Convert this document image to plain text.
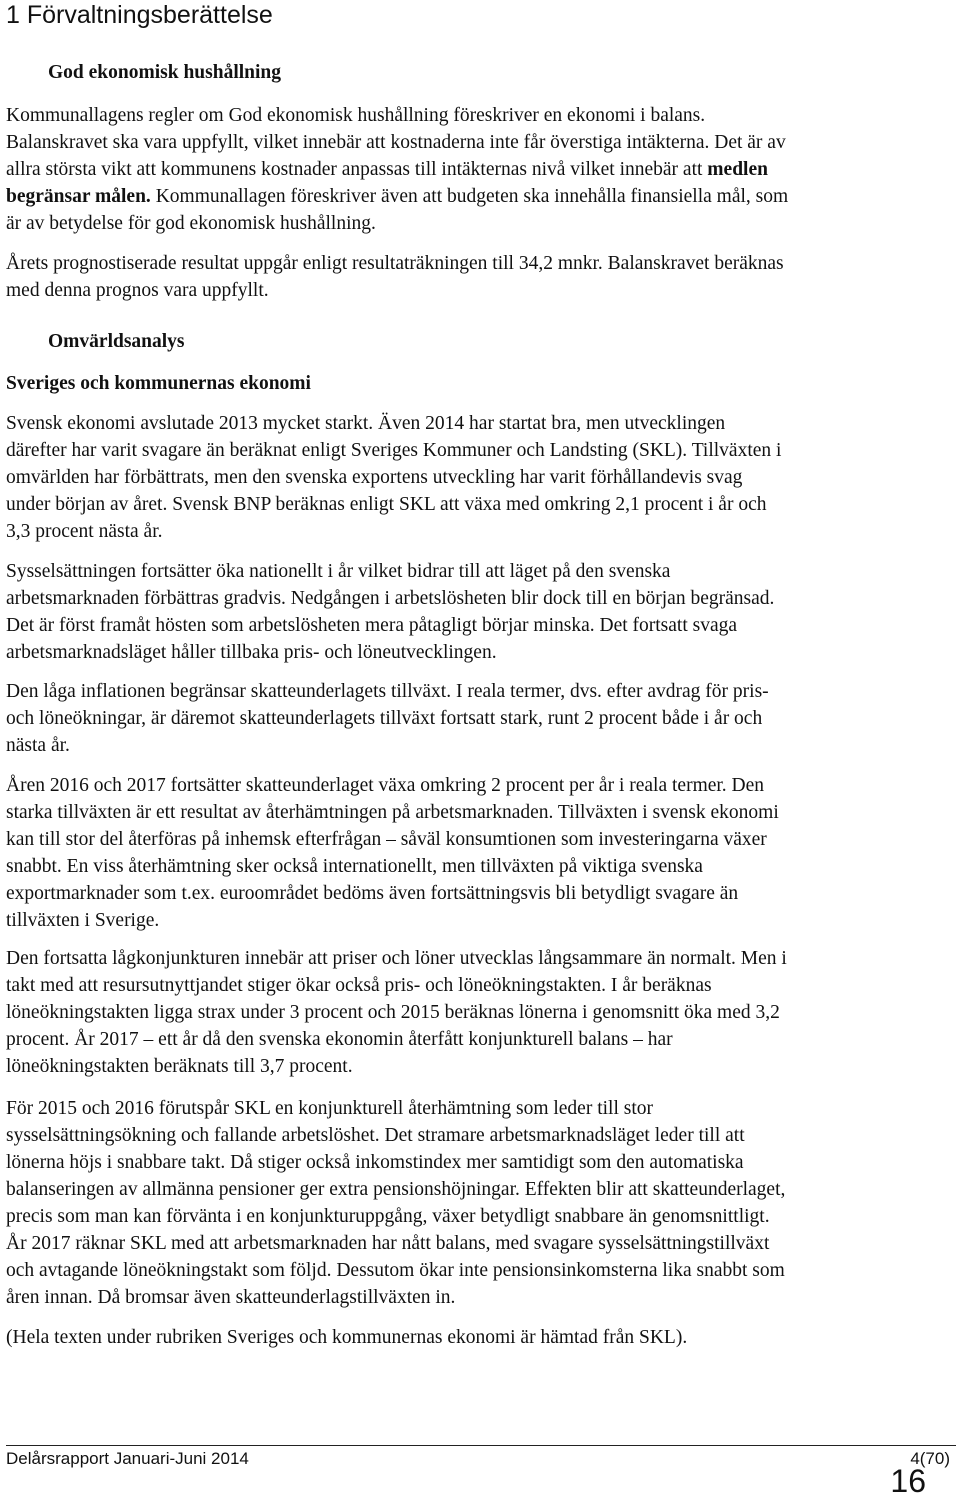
1 Förvaltningsberättelse
God ekonomisk hushållning

Kommunallagens regler om God ekonomisk hushållning föreskriver en ekonomi i balans.
Balanskravet ska vara uppfyllt, vilket innebär att kostnaderna inte får överstiga intäkterna. Det är av
allra största vikt att kommunens kostnader anpassas till intäkternas nivå vilket innebär att medlen
begränsar målen. Kommunallagen föreskriver även att budgeten ska innehålla finansiella mål, som
är av betydelse för god ekonomisk hushållning.

Årets prognostiserade resultat uppgår enligt resultaträkningen till 34,2 mnkr. Balanskravet beräknas
med denna prognos vara uppfyllt.

Omvärldsanalys
Sveriges och kommunernas ekonomi

Svensk ekonomi avslutade 2013 mycket starkt. Även 2014 har startat bra, men utvecklingen
därefter har varit svagare än beräknat enligt Sveriges Kommuner och Landsting (SKL). Tillväxten i
omvärlden har förbättrats, men den svenska exportens utveckling har varit förhållandevis svag
under början av året. Svensk BNP beräknas enligt SKL att växa med omkring 2,1 procent i år och
3,3 procent nästa år.

Sysselsättningen fortsätter öka nationellt i år vilket bidrar till att läget på den svenska
arbetsmarknaden förbättras gradvis. Nedgången i arbetslösheten blir dock till en början begränsad.
Det är först framåt hösten som arbetslösheten mera påtagligt börjar minska. Det fortsatt svaga
arbetsmarknadsläget håller tillbaka pris- och löneutvecklingen.

Den låga inflationen begränsar skatteunderlagets tillväxt. I reala termer, dvs. efter avdrag för pris-
och löneökningar, är däremot skatteunderlagets tillväxt fortsatt stark, runt 2 procent både i år och
nästa år.

Åren 2016 och 2017 fortsätter skatteunderlaget växa omkring 2 procent per år i reala termer. Den
starka tillväxten är ett resultat av återhämtningen på arbetsmarknaden. Tillväxten i svensk ekonomi
kan till stor del återföras på inhemsk efterfrågan – såväl konsumtionen som investeringarna växer
snabbt. En viss återhämtning sker också internationellt, men tillväxten på viktiga svenska
exportmarknader som t.ex. euroområdet bedöms även fortsättningsvis bli betydligt svagare än
tillväxten i Sverige.

Den fortsatta lågkonjunkturen innebär att priser och löner utvecklas långsammare än normalt. Men i
takt med att resursutnyttjandet stiger ökar också pris- och löneökningstakten. I år beräknas
löneökningstakten ligga strax under 3 procent och 2015 beräknas lönerna i genomsnitt öka med 3,2
procent. År 2017 – ett år då den svenska ekonomin återfått konjunkturell balans – har
löneökningstakten beräknats till 3,7 procent.

För 2015 och 2016 förutspår SKL en konjunkturell återhämtning som leder till stor
sysselsättningsökning och fallande arbetslöshet. Det stramare arbetsmarknadsläget leder till att
lönerna höjs i snabbare takt. Då stiger också inkomstindex mer samtidigt som den automatiska
balanseringen av allmänna pensioner ger extra pensionshöjningar. Effekten blir att skatteunderlaget,
precis som man kan förvänta i en konjunkturuppgång, växer betydligt snabbare än genomsnittligt.
År 2017 räknar SKL med att arbetsmarknaden har nått balans, med svagare sysselsättningstillväxt
och avtagande löneökningstakt som följd. Dessutom ökar inte pensionsinkomsterna lika snabbt som
åren innan. Då bromsar även skatteunderlagstillväxten in.

(Hela texten under rubriken Sveriges och kommunernas ekonomi är hämtad från SKL).

Delårsrapport Januari-Juni 2014	4(70)
16
